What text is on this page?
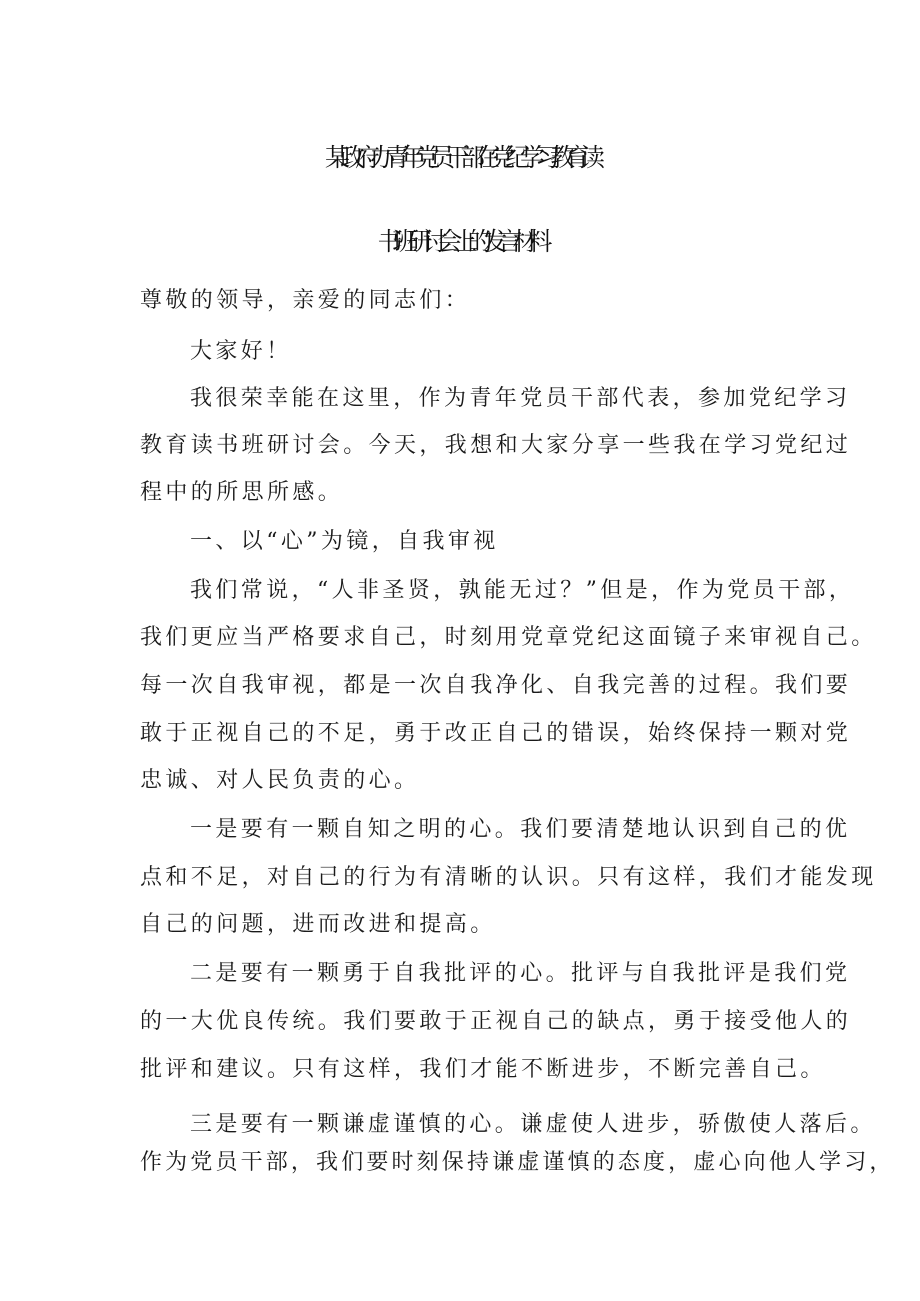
某政府办青年党员干部在党纪学习教育读
书班研讨会上的发言材料
尊敬的领导，亲爱的同志们：
大家好！
我很荣幸能在这里，作为青年党员干部代表，参加党纪学习
教育读书班研讨会。今天，我想和大家分享一些我在学习党纪过
程中的所思所感。
一、以“心”为镜，自我审视
我们常说，“人非圣贤，孰能无过？”但是，作为党员干部，
我们更应当严格要求自己，时刻用党章党纪这面镜子来审视自己。
每一次自我审视，都是一次自我净化、自我完善的过程。我们要
敢于正视自己的不足，勇于改正自己的错误，始终保持一颗对党
忠诚、对人民负责的心。
一是要有一颗自知之明的心。我们要清楚地认识到自己的优
点和不足，对自己的行为有清晰的认识。只有这样，我们才能发现
自己的问题，进而改进和提高。
二是要有一颗勇于自我批评的心。批评与自我批评是我们党
的一大优良传统。我们要敢于正视自己的缺点，勇于接受他人的
批评和建议。只有这样，我们才能不断进步，不断完善自己。
三是要有一颗谦虚谨慎的心。谦虚使人进步，骄傲使人落后。
作为党员干部，我们要时刻保持谦虚谨慎的态度，虚心向他人学习，
